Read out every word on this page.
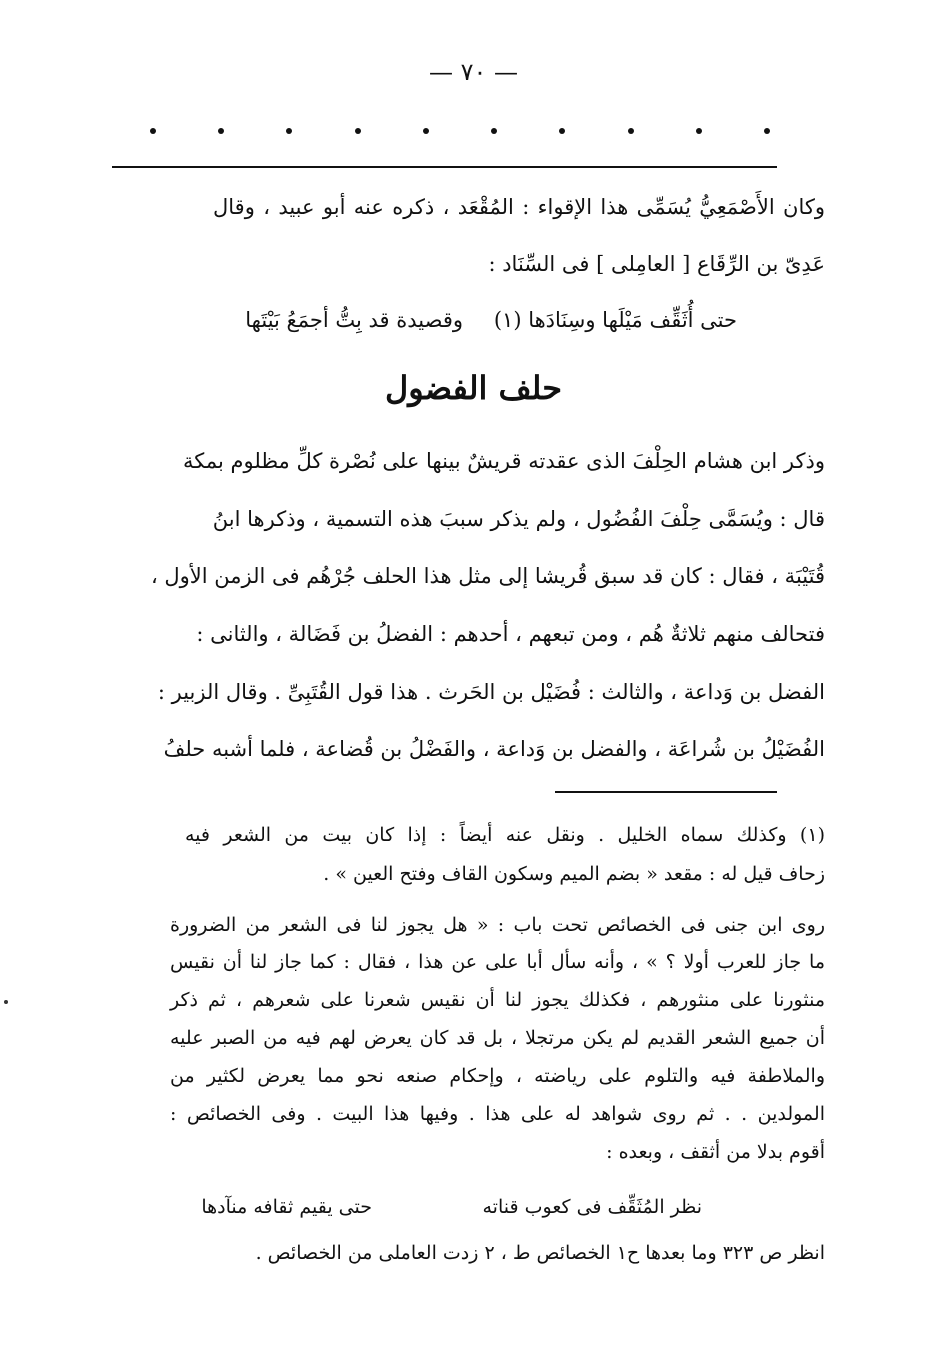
— ٧٠ —
وكان الأَصْمَعِيُّ يُسَمِّى هذا الإقواء : المُقْعَد ، ذكره عنه أبو عبيد ، وقال
عَدِىّ بن الرِّقَاع [ العامِلى ] فى السِّنَاد :
وقصيدة قد بِتُّ أجمَعُ بَيْتَها حتى أُثَقِّف مَيْلَها وسِنَادَها (١)
حلف الفضول
وذكر ابن هشام الحِلْفَ الذى عقدته قريشٌ بينها على نُصْرة كلِّ مظلوم بمكة
قال : ويُسَمَّى حِلْفَ الفُضُول ، ولم يذكر سببَ هذه التسمية ، وذكرها ابنُ
قُتَيْبَة ، فقال : كان قد سبق قُريشا إلى مثل هذا الحلف جُرْهُم فى الزمن الأول ،
فتحالف منهم ثلاثةٌ هُم ، ومن تبعهم ، أحدهم : الفضلُ بن فَضَالة ، والثانى :
الفضل بن وَداعة ، والثالث : فُضَيْل بن الحَرث . هذا قول القُتَبِىِّ . وقال الزبير :
الفُضَيْلُ بن شُراعَة ، والفضل بن وَداعة ، والفَضْلُ بن قُضاعة ، فلما أشبه حلفُ
(١) وكذلك سماه الخليل . ونقل عنه أيضاً : إذا كان بيت من الشعر فيه
زحاف قيل له : مقعد « بضم الميم وسكون القاف وفتح العين » .
روى ابن جنى فى الخصائص تحت باب : « هل يجوز لنا فى الشعر من الضرورة
ما جاز للعرب أولا ؟ » ، وأنه سأل أبا على عن هذا ، فقال : كما جاز لنا أن نقيس
منثورنا على منثورهم ، فكذلك يجوز لنا أن نقيس شعرنا على شعرهم ، ثم ذكر
أن جميع الشعر القديم لم يكن مرتجلا ، بل قد كان يعرض لهم فيه من الصبر عليه
والملاطفة فيه والتلوم على رياضته ، وإحكام صنعه نحو مما يعرض لكثير من
المولدين . . ثم روى شواهد له على هذا . وفيها هذا البيت . وفى الخصائص :
أقوم بدلا من أثقف ، وبعده :
نظر المُثَقِّف فى كعوب قناته
حتى يقيم ثقافه منآدها
انظر ص ٣٢٣ وما بعدها ح١ الخصائص ط ، ٢ زدت العاملى من الخصائص .
